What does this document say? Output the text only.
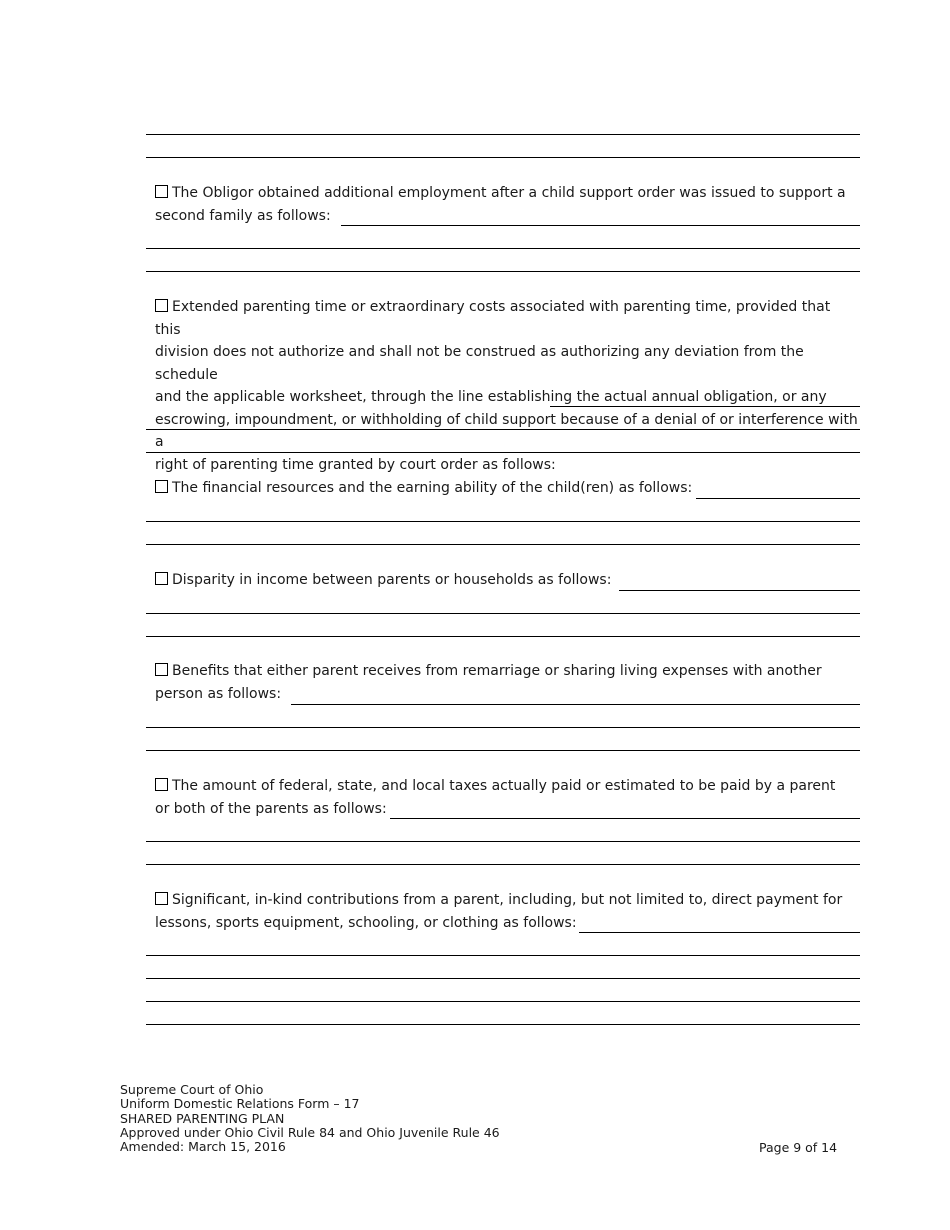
The Obligor obtained additional employment after a child support order was issued to support a
second family as follows:
Extended parenting time or extraordinary costs associated with parenting time, provided that this
division does not authorize and shall not be construed as authorizing any deviation from the schedule
and the applicable worksheet, through the line establishing the actual annual obligation, or any
escrowing, impoundment, or withholding of child support because of a denial of or interference with a
right of parenting time granted by court order as follows:
The financial resources and the earning ability of the child(ren) as follows:
Disparity in income between parents or households as follows:
Benefits that either parent receives from remarriage or sharing living expenses with another
person as follows:
The amount of federal, state, and local taxes actually paid or estimated to be paid by a parent
or both of the parents as follows:
Significant, in-kind contributions from a parent, including, but not limited to, direct payment for
lessons, sports equipment, schooling, or clothing as follows:
Supreme Court of Ohio
Uniform Domestic Relations Form – 17
SHARED PARENTING PLAN
Approved under Ohio Civil Rule 84 and Ohio Juvenile Rule 46
Amended: March 15, 2016	Page 9 of 14
